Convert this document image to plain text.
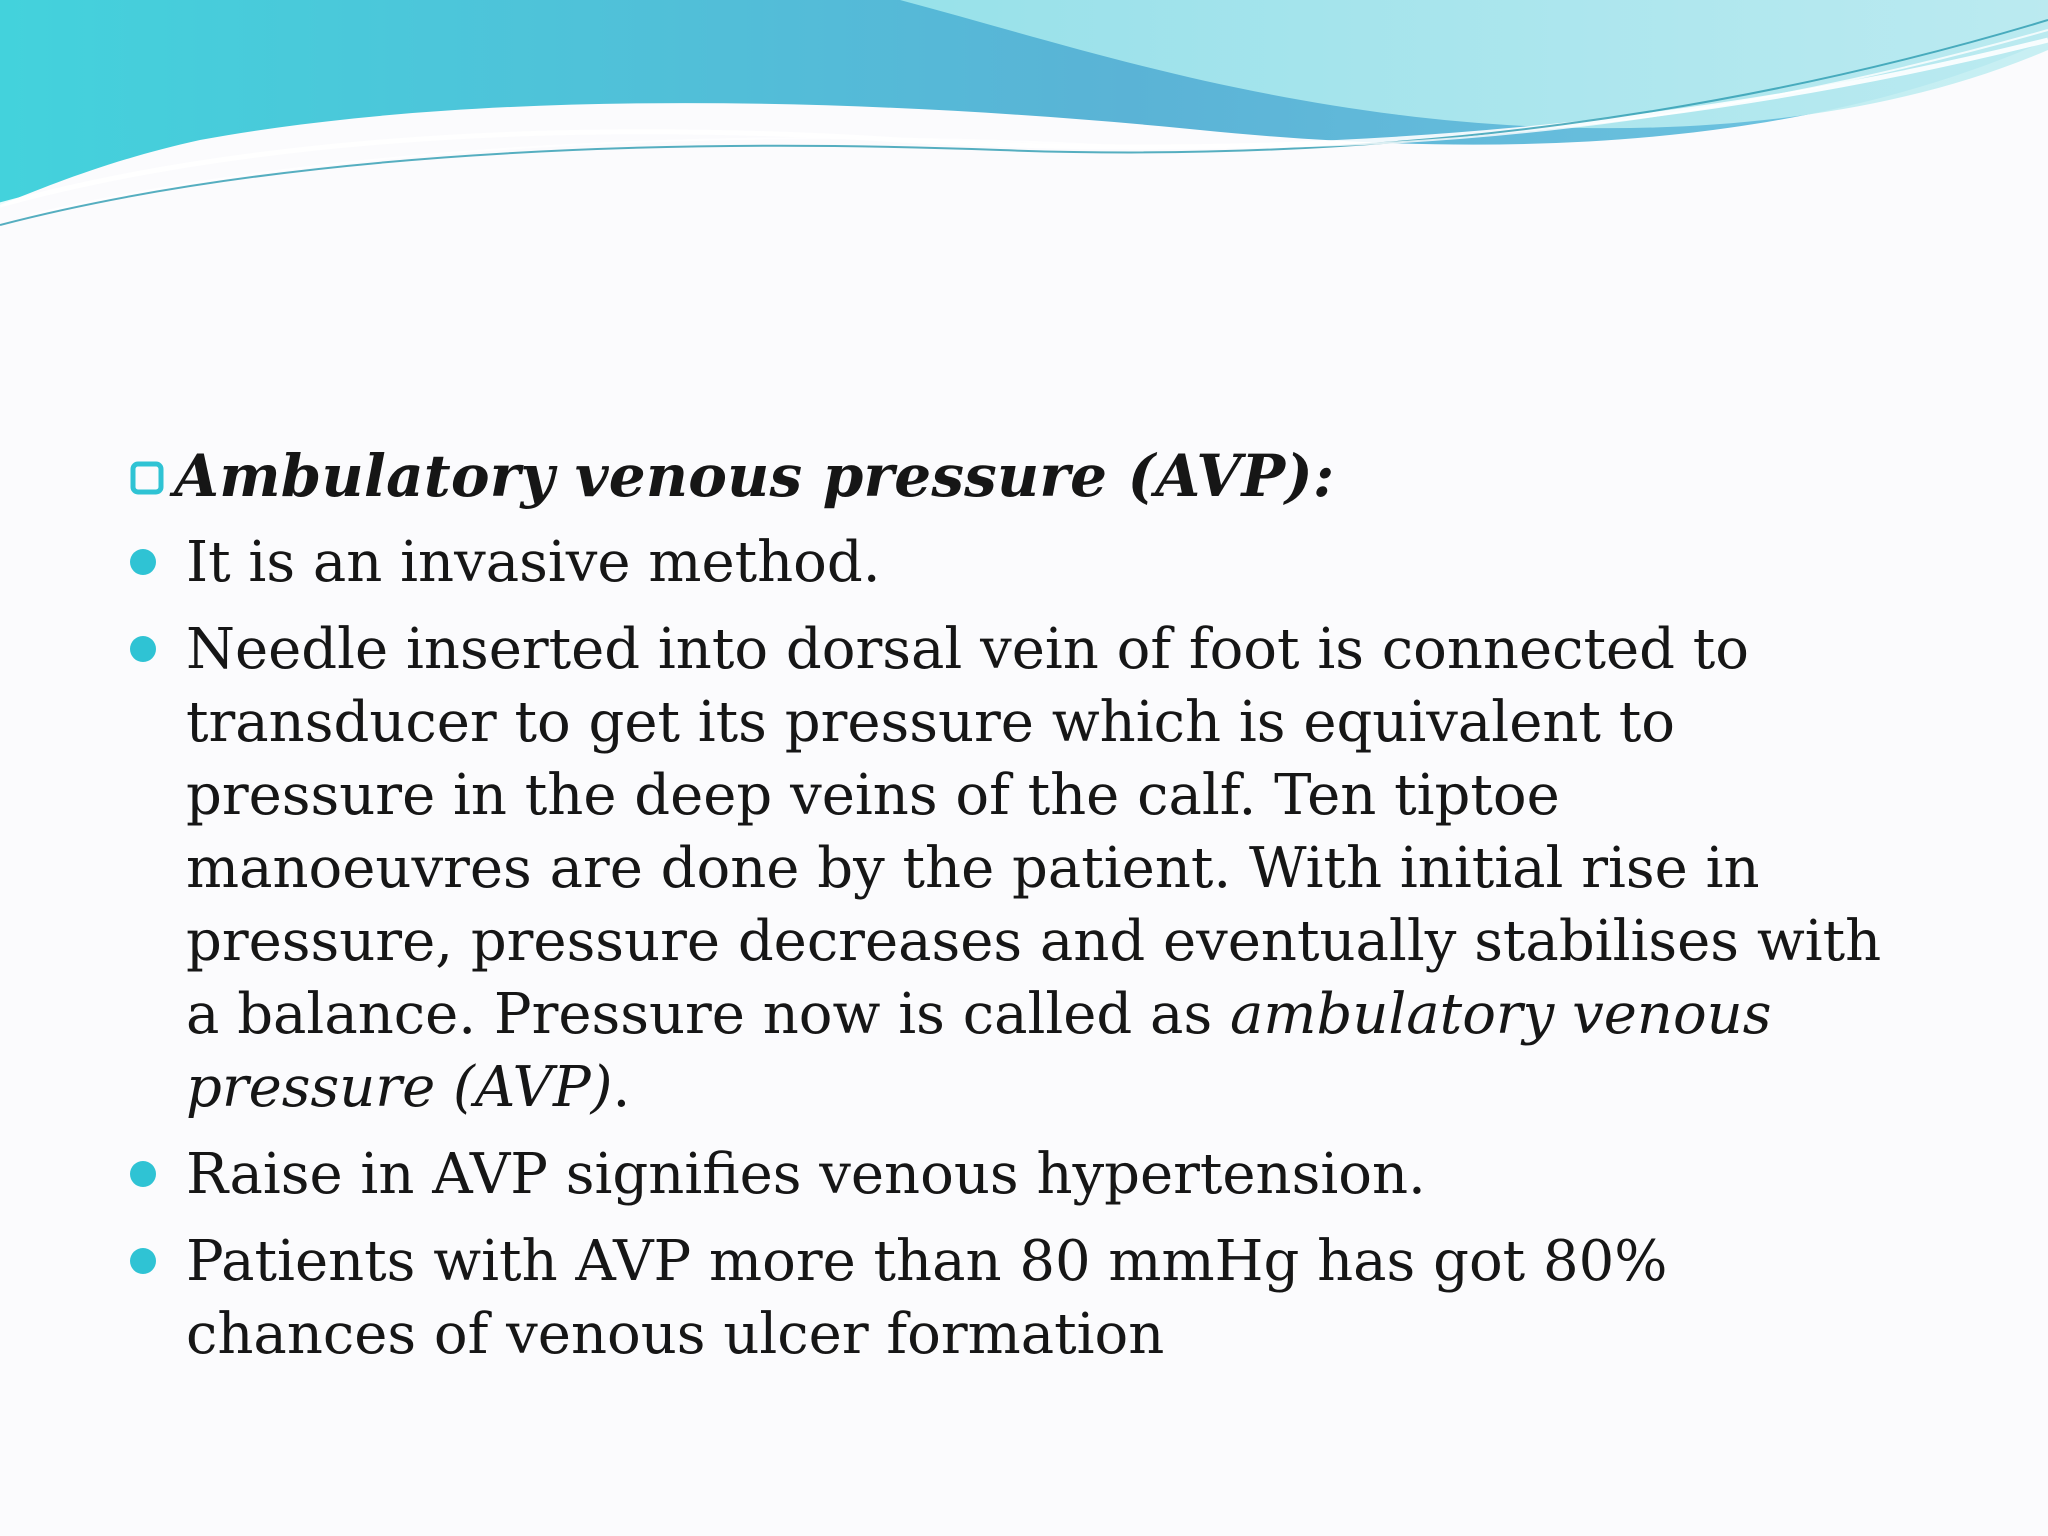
Ambulatory venous pressure (AVP):
It is an invasive method.
Needle inserted into dorsal vein of foot is connected to transducer to get its pressure which is equivalent to pressure in the deep veins of the calf. Ten tiptoe manoeuvres are done by the patient. With initial rise in pressure, pressure decreases and eventually stabilises with a balance. Pressure now is called as ambulatory venous pressure (AVP).
Raise in AVP signifies venous hypertension.
Patients with AVP more than 80 mmHg has got 80% chances of venous ulcer formation
